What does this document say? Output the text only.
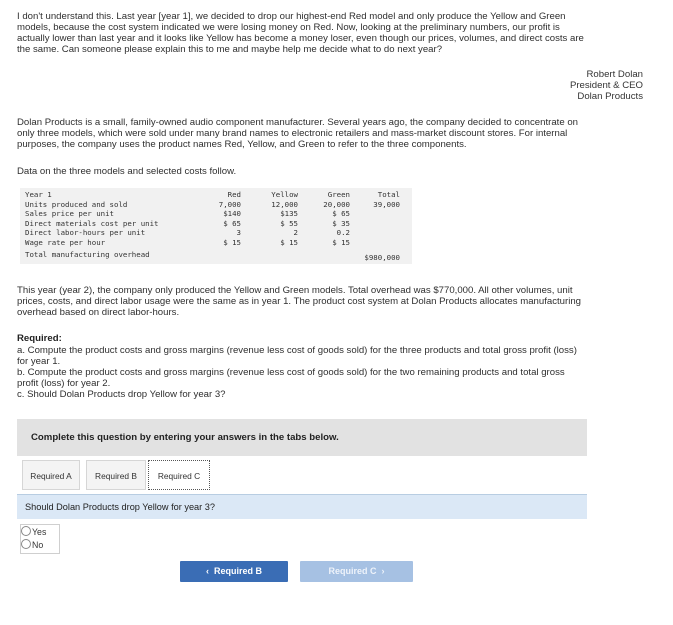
I don't understand this. Last year [year 1], we decided to drop our highest-end Red model and only produce the Yellow and Green
models, because the cost system indicated we were losing money on Red. Now, looking at the preliminary numbers, our profit is
actually lower than last year and it looks like Yellow has become a money loser, even though our prices, volumes, and direct costs are
the same. Can someone please explain this to me and maybe help me decide what to do next year?
Robert Dolan
President & CEO
Dolan Products
Dolan Products is a small, family-owned audio component manufacturer. Several years ago, the company decided to concentrate on
only three models, which were sold under many brand names to electronic retailers and mass-market discount stores. For internal
purposes, the company uses the product names Red, Yellow, and Green to refer to the three components.
Data on the three models and selected costs follow.
Year 1	Red	Yellow	Green	Total
Units produced and sold	7,000	12,000	20,000	39,000
Sales price per unit	$140	$135	$ 65	
Direct materials cost per unit	$ 65	$ 55	$ 35	
Direct labor-hours per unit	3	2	0.2	
Wage rate per hour	$ 15	$ 15	$ 15	
Total manufacturing overhead				$980,000
This year (year 2), the company only produced the Yellow and Green models. Total overhead was $770,000. All other volumes, unit
prices, costs, and direct labor usage were the same as in year 1. The product cost system at Dolan Products allocates manufacturing
overhead based on direct labor-hours.
Required:
a. Compute the product costs and gross margins (revenue less cost of goods sold) for the three products and total gross profit (loss)
for year 1.
b. Compute the product costs and gross margins (revenue less cost of goods sold) for the two remaining products and total gross
profit (loss) for year 2.
c. Should Dolan Products drop Yellow for year 3?
Complete this question by entering your answers in the tabs below.
Required A	Required B	Required C
Should Dolan Products drop Yellow for year 3?
Yes
No
‹ Required B	Required C ›
